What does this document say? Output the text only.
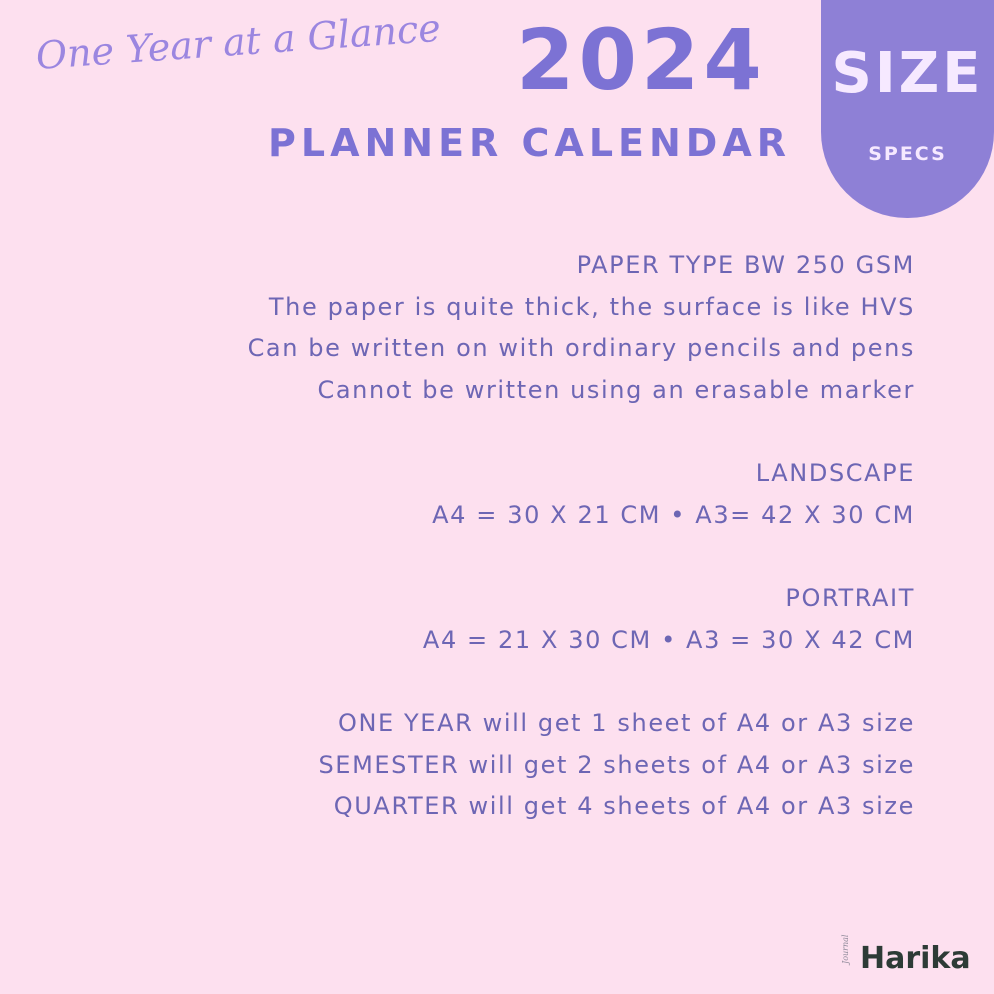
One Year at a Glance 2024
PLANNER CALENDAR
SIZE
SPECS
PAPER TYPE BW 250 GSM
The paper is quite thick, the surface is like HVS
Can be written on with ordinary pencils and pens
Cannot be written using an erasable marker
LANDSCAPE
A4 = 30 X 21 CM • A3= 42 X 30 CM
PORTRAIT
A4 = 21 X 30 CM • A3 = 30 X 42 CM
ONE YEAR will get 1 sheet of A4 or A3 size
SEMESTER will get 2 sheets of A4 or A3 size
QUARTER will get 4 sheets of A4 or A3 size
Journal Harika
